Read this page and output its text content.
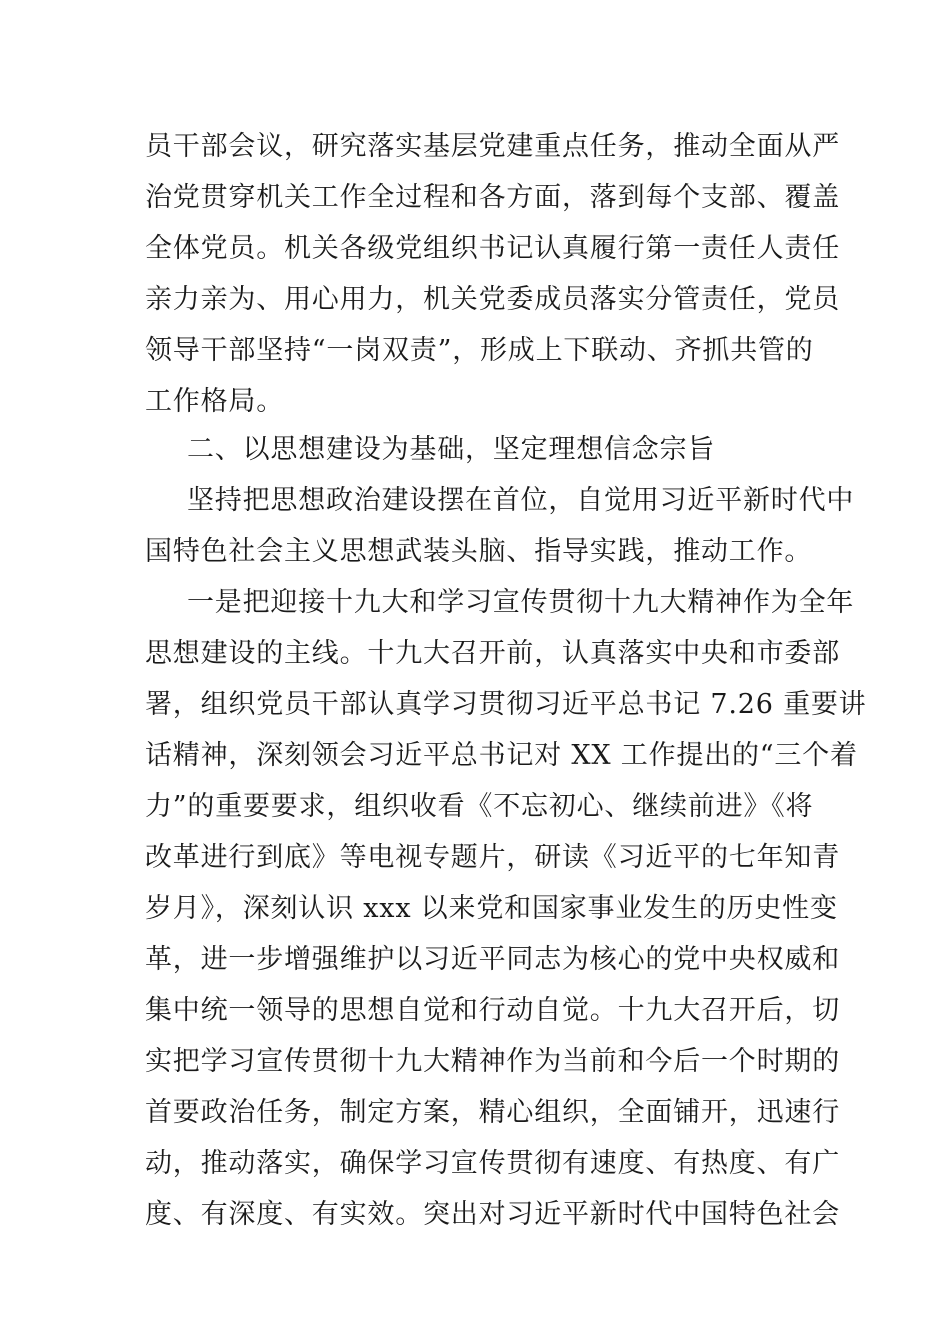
员干部会议，研究落实基层党建重点任务，推动全面从严
治党贯穿机关工作全过程和各方面，落到每个支部、覆盖
全体党员。机关各级党组织书记认真履行第一责任人责任
亲力亲为、用心用力，机关党委成员落实分管责任，党员
领导干部坚持“一岗双责”，形成上下联动、齐抓共管的
工作格局。
二、以思想建设为基础，坚定理想信念宗旨
坚持把思想政治建设摆在首位，自觉用习近平新时代中
国特色社会主义思想武装头脑、指导实践，推动工作。
一是把迎接十九大和学习宣传贯彻十九大精神作为全年
思想建设的主线。十九大召开前，认真落实中央和市委部
署，组织党员干部认真学习贯彻习近平总书记 7.26 重要讲
话精神，深刻领会习近平总书记对 XX 工作提出的“三个着
力”的重要要求，组织收看《不忘初心、继续前进》《将
改革进行到底》等电视专题片，研读《习近平的七年知青
岁月》，深刻认识 xxx 以来党和国家事业发生的历史性变
革，进一步增强维护以习近平同志为核心的党中央权威和
集中统一领导的思想自觉和行动自觉。十九大召开后，切
实把学习宣传贯彻十九大精神作为当前和今后一个时期的
首要政治任务，制定方案，精心组织，全面铺开，迅速行
动，推动落实，确保学习宣传贯彻有速度、有热度、有广
度、有深度、有实效。突出对习近平新时代中国特色社会
